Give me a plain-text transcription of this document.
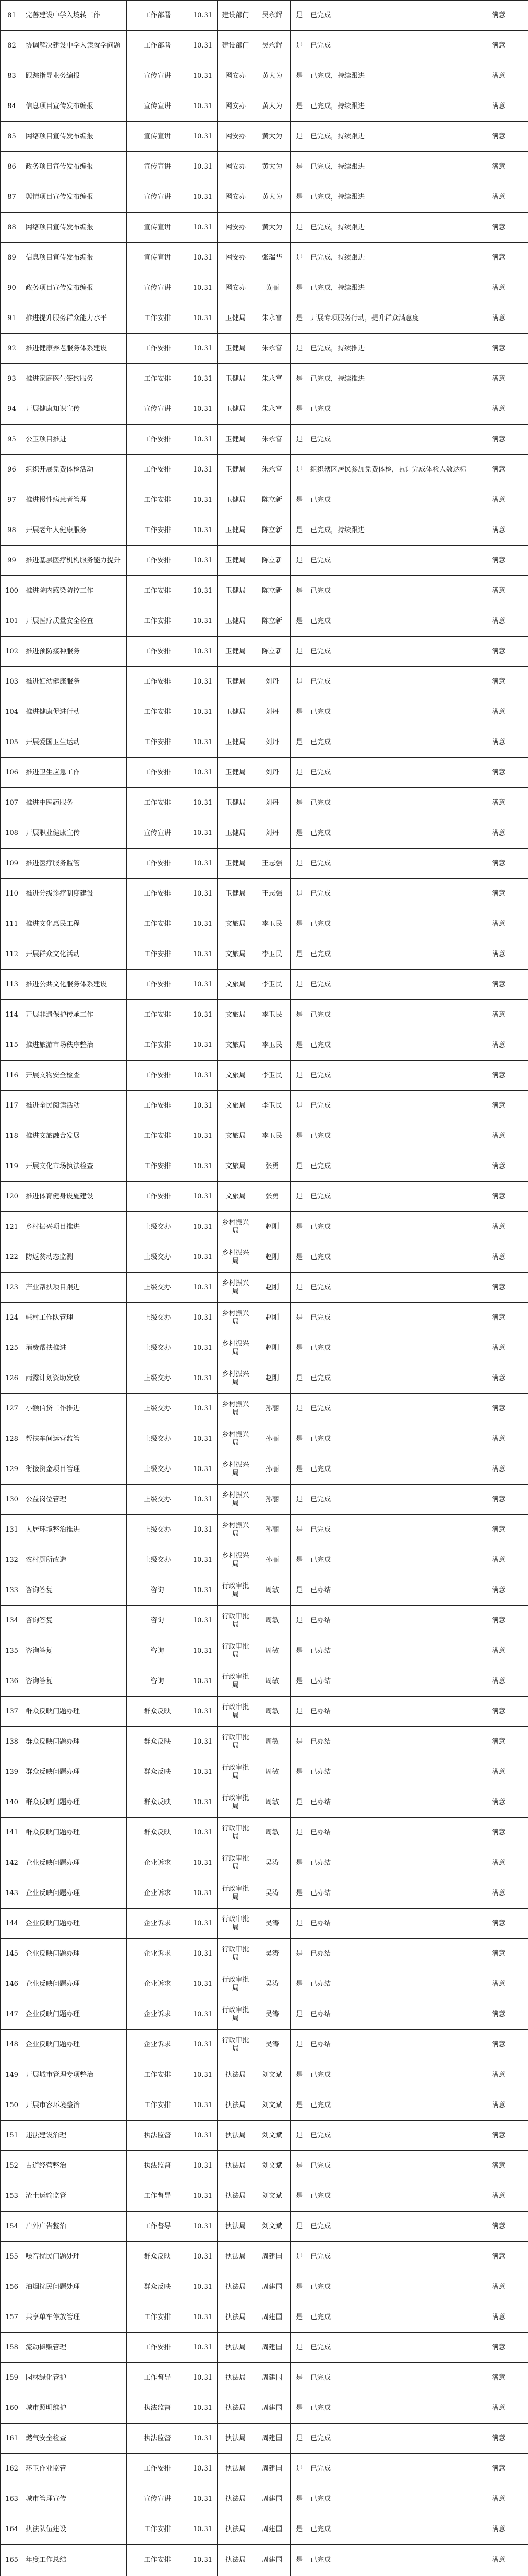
81	完善建设中学入境转工作	工作部署	10.31	建设部门	吴永辉	是	已完成	满意
82	协调解决建设中学入读就学问题	工作部署	10.31	建设部门	吴永辉	是	已完成	满意
83	跟踪指导业务编报	宣传宣讲	10.31	网安办	黄大为	是	已完成，持续跟进	满意
84	信息项目宣传发布编报	宣传宣讲	10.31	网安办	黄大为	是	已完成，持续跟进	满意
85	网络项目宣传发布编报	宣传宣讲	10.31	网安办	黄大为	是	已完成，持续跟进	满意
86	政务项目宣传发布编报	宣传宣讲	10.31	网安办	黄大为	是	已完成，持续跟进	满意
87	舆情项目宣传发布编报	宣传宣讲	10.31	网安办	黄大为	是	已完成，持续跟进	满意
88	网络项目宣传发布编报	宣传宣讲	10.31	网安办	黄大为	是	已完成，持续跟进	满意
89	信息项目宣传发布编报	宣传宣讲	10.31	网安办	张瑞华	是	已完成，持续跟进	满意
90	政务项目宣传发布编报	宣传宣讲	10.31	网安办	黄丽	是	已完成，持续跟进	满意
91	推进提升服务群众能力水平	工作安排	10.31	卫健局	朱永富	是	开展专项服务行动，提升群众满意度	满意
92	推进健康养老服务体系建设	工作安排	10.31	卫健局	朱永富	是	已完成，持续推进	满意
93	推进家庭医生签约服务	工作安排	10.31	卫健局	朱永富	是	已完成，持续推进	满意
94	开展健康知识宣传	宣传宣讲	10.31	卫健局	朱永富	是	已完成	满意
95	公卫项目推进	工作安排	10.31	卫健局	朱永富	是	已完成	满意
96	组织开展免费体检活动	工作安排	10.31	卫健局	朱永富	是	组织辖区居民参加免费体检，累计完成体检人数达标	满意
97	推进慢性病患者管理	工作安排	10.31	卫健局	陈立新	是	已完成	满意
98	开展老年人健康服务	工作安排	10.31	卫健局	陈立新	是	已完成，持续跟进	满意
99	推进基层医疗机构服务能力提升	工作安排	10.31	卫健局	陈立新	是	已完成	满意
100	推进院内感染防控工作	工作安排	10.31	卫健局	陈立新	是	已完成	满意
101	开展医疗质量安全检查	工作安排	10.31	卫健局	陈立新	是	已完成	满意
102	推进预防接种服务	工作安排	10.31	卫健局	陈立新	是	已完成	满意
103	推进妇幼健康服务	工作安排	10.31	卫健局	刘丹	是	已完成	满意
104	推进健康促进行动	工作安排	10.31	卫健局	刘丹	是	已完成	满意
105	开展爱国卫生运动	工作安排	10.31	卫健局	刘丹	是	已完成	满意
106	推进卫生应急工作	工作安排	10.31	卫健局	刘丹	是	已完成	满意
107	推进中医药服务	工作安排	10.31	卫健局	刘丹	是	已完成	满意
108	开展职业健康宣传	宣传宣讲	10.31	卫健局	刘丹	是	已完成	满意
109	推进医疗服务监管	工作安排	10.31	卫健局	王志强	是	已完成	满意
110	推进分级诊疗制度建设	工作安排	10.31	卫健局	王志强	是	已完成	满意
111	推进文化惠民工程	工作安排	10.31	文旅局	李卫民	是	已完成	满意
112	开展群众文化活动	工作安排	10.31	文旅局	李卫民	是	已完成	满意
113	推进公共文化服务体系建设	工作安排	10.31	文旅局	李卫民	是	已完成	满意
114	开展非遗保护传承工作	工作安排	10.31	文旅局	李卫民	是	已完成	满意
115	推进旅游市场秩序整治	工作安排	10.31	文旅局	李卫民	是	已完成	满意
116	开展文物安全检查	工作安排	10.31	文旅局	李卫民	是	已完成	满意
117	推进全民阅读活动	工作安排	10.31	文旅局	李卫民	是	已完成	满意
118	推进文旅融合发展	工作安排	10.31	文旅局	李卫民	是	已完成	满意
119	开展文化市场执法检查	工作安排	10.31	文旅局	张勇	是	已完成	满意
120	推进体育健身设施建设	工作安排	10.31	文旅局	张勇	是	已完成	满意
121	乡村振兴项目推进	上级交办	10.31	乡村振兴局	赵刚	是	已完成	满意
122	防返贫动态监测	上级交办	10.31	乡村振兴局	赵刚	是	已完成	满意
123	产业帮扶项目跟进	上级交办	10.31	乡村振兴局	赵刚	是	已完成	满意
124	驻村工作队管理	上级交办	10.31	乡村振兴局	赵刚	是	已完成	满意
125	消费帮扶推进	上级交办	10.31	乡村振兴局	赵刚	是	已完成	满意
126	雨露计划资助发放	上级交办	10.31	乡村振兴局	赵刚	是	已完成	满意
127	小额信贷工作推进	上级交办	10.31	乡村振兴局	孙丽	是	已完成	满意
128	帮扶车间运营监管	上级交办	10.31	乡村振兴局	孙丽	是	已完成	满意
129	衔接资金项目管理	上级交办	10.31	乡村振兴局	孙丽	是	已完成	满意
130	公益岗位管理	上级交办	10.31	乡村振兴局	孙丽	是	已完成	满意
131	人居环境整治推进	上级交办	10.31	乡村振兴局	孙丽	是	已完成	满意
132	农村厕所改造	上级交办	10.31	乡村振兴局	孙丽	是	已完成	满意
133	咨询答复	咨询	10.31	行政审批局	周敏	是	已办结	满意
134	咨询答复	咨询	10.31	行政审批局	周敏	是	已办结	满意
135	咨询答复	咨询	10.31	行政审批局	周敏	是	已办结	满意
136	咨询答复	咨询	10.31	行政审批局	周敏	是	已办结	满意
137	群众反映问题办理	群众反映	10.31	行政审批局	周敏	是	已办结	满意
138	群众反映问题办理	群众反映	10.31	行政审批局	周敏	是	已办结	满意
139	群众反映问题办理	群众反映	10.31	行政审批局	周敏	是	已办结	满意
140	群众反映问题办理	群众反映	10.31	行政审批局	周敏	是	已办结	满意
141	群众反映问题办理	群众反映	10.31	行政审批局	周敏	是	已办结	满意
142	企业反映问题办理	企业诉求	10.31	行政审批局	吴涛	是	已办结	满意
143	企业反映问题办理	企业诉求	10.31	行政审批局	吴涛	是	已办结	满意
144	企业反映问题办理	企业诉求	10.31	行政审批局	吴涛	是	已办结	满意
145	企业反映问题办理	企业诉求	10.31	行政审批局	吴涛	是	已办结	满意
146	企业反映问题办理	企业诉求	10.31	行政审批局	吴涛	是	已办结	满意
147	企业反映问题办理	企业诉求	10.31	行政审批局	吴涛	是	已办结	满意
148	企业反映问题办理	企业诉求	10.31	行政审批局	吴涛	是	已办结	满意
149	开展城市管理专项整治	工作安排	10.31	执法局	刘文斌	是	已完成	满意
150	开展市容环境整治	工作安排	10.31	执法局	刘文斌	是	已完成	满意
151	违法建设治理	执法监督	10.31	执法局	刘文斌	是	已完成	满意
152	占道经营整治	执法监督	10.31	执法局	刘文斌	是	已完成	满意
153	渣土运输监管	工作督导	10.31	执法局	刘文斌	是	已完成	满意
154	户外广告整治	工作督导	10.31	执法局	刘文斌	是	已完成	满意
155	噪音扰民问题处理	群众反映	10.31	执法局	周建国	是	已完成	满意
156	油烟扰民问题处理	群众反映	10.31	执法局	周建国	是	已完成	满意
157	共享单车停放管理	工作安排	10.31	执法局	周建国	是	已完成	满意
158	流动摊贩管理	工作安排	10.31	执法局	周建国	是	已完成	满意
159	园林绿化管护	工作督导	10.31	执法局	周建国	是	已完成	满意
160	城市照明维护	执法监督	10.31	执法局	周建国	是	已完成	满意
161	燃气安全检查	执法监督	10.31	执法局	周建国	是	已完成	满意
162	环卫作业监管	工作安排	10.31	执法局	周建国	是	已完成	满意
163	城市管理宣传	宣传宣讲	10.31	执法局	周建国	是	已完成	满意
164	执法队伍建设	工作安排	10.31	执法局	周建国	是	已完成	满意
165	年度工作总结	工作安排	10.31	执法局	周建国	是	已完成	满意
